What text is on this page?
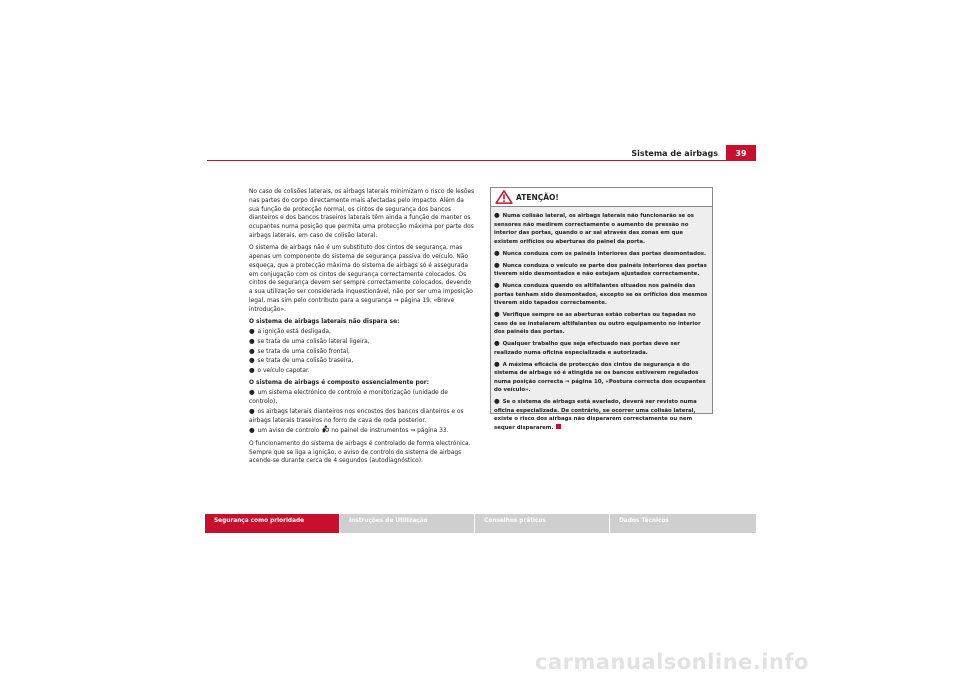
Sistema de airbags	39

No caso de colisões laterais, os airbags laterais minimizam o risco de lesões nas partes do corpo directamente mais afectadas pelo impacto. Além da sua função de protecção normal, os cintos de segurança dos bancos dianteiros e dos bancos traseiros laterais têm ainda a função de manter os ocupantes numa posição que permita uma protecção máxima por parte dos airbags laterais, em caso de colisão lateral.

O sistema de airbags não é um substituto dos cintos de segurança, mas apenas um componente do sistema de segurança passiva do veículo. Não esqueça, que a protecção máxima do sistema de airbags só é assegurada em conjugação com os cintos de segurança correctamente colocados. Os cintos de segurança devem ser sempre correctamente colocados, devendo a sua utilização ser considerada inquestionável, não por ser uma imposição legal, mas sim pelo contributo para a segurança ⇒ página 19, «Breve introdução».

O sistema de airbags laterais não dispara se:

● a ignição está desligada,
● se trata de uma colisão lateral ligeira,
● se trata de uma colisão frontal,
● se trata de uma colisão traseira,
● o veículo capotar.

O sistema de airbags é composto essencialmente por:

● um sistema electrónico de controlo e monitorização (unidade de controlo),
● os airbags laterais dianteiros nos encostos dos bancos dianteiros e os airbags laterais traseiros no forro de cava de roda posterior.
● um aviso de controlo no painel de instrumentos ⇒ página 33.

O funcionamento do sistema de airbags é controlado de forma electrónica. Sempre que se liga a ignição, o aviso de controlo do sistema de airbags acende-se durante cerca de 4 segundos (autodiagnóstico).

ATENÇÃO!
● Numa colisão lateral, os airbags laterais não funcionarão se os sensores não medirem correctamente o aumento de pressão no interior das portas, quando o ar sai através das zonas em que existem orifícios ou aberturas do painel da porta.
● Nunca conduza com os painéis interiores das portas desmontados.
● Nunca conduza o veículo se parte dos painéis interiores das portas tiverem sido desmontados e não estejam ajustados correctamente.
● Nunca conduza quando os altifalantes situados nos painéis das portas tenham sido desmontados, excepto se os orifícios dos mesmos tiverem sido tapados correctamente.
● Verifique sempre se as aberturas estão cobertas ou tapadas no caso de se instalarem altifalantes ou outro equipamento no interior dos painéis das portas.
● Qualquer trabalho que seja efectuado nas portas deve ser realizado numa oficina especializada e autorizada.
● A máxima eficácia de protecção dos cintos de segurança e do sistema de airbags só é atingida se os bancos estiverem regulados numa posição correcta ⇒ página 10, «Postura correcta dos ocupantes do veículo».
● Se o sistema de airbags está avariado, deverá ser revisto numa oficina especializada. De contrário, se ocorrer uma colisão lateral, existe o risco dos airbags não dispararem correctamente ou nem sequer dispararem.
Segurança como prioridade	Instruções de Utilização	Conselhos práticos	Dados Técnicos
carmanualsonline.info
